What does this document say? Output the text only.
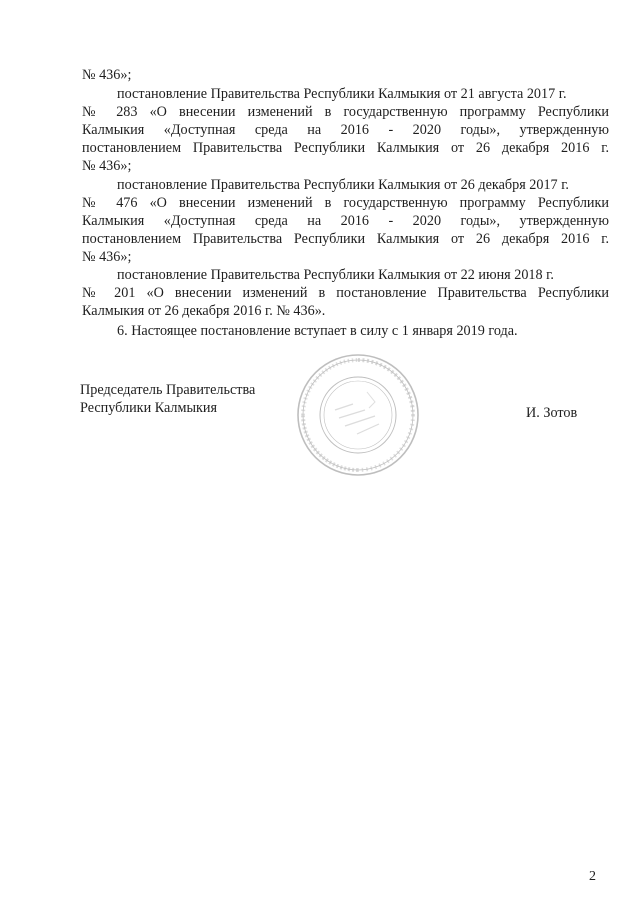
№ 436»;
постановление Правительства Республики Калмыкия от 21 августа 2017 г.
№ 283 «О внесении изменений в государственную программу Республики
Калмыкия «Доступная среда на 2016 - 2020 годы», утвержденную
постановлением Правительства Республики Калмыкия от 26 декабря 2016 г.
№ 436»;
постановление Правительства Республики Калмыкия от 26 декабря 2017 г.
№ 476 «О внесении изменений в государственную программу Республики
Калмыкия «Доступная среда на 2016 - 2020 годы», утвержденную
постановлением Правительства Республики Калмыкия от 26 декабря 2016 г.
№ 436»;
постановление Правительства Республики Калмыкия от 22 июня 2018 г.
№ 201 «О внесении изменений в постановление Правительства Республики
Калмыкия от 26 декабря 2016 г. № 436».
6. Настоящее постановление вступает в силу с 1 января 2019 года.
Председатель Правительства
Республики Калмыкия	И. Зотов
2
